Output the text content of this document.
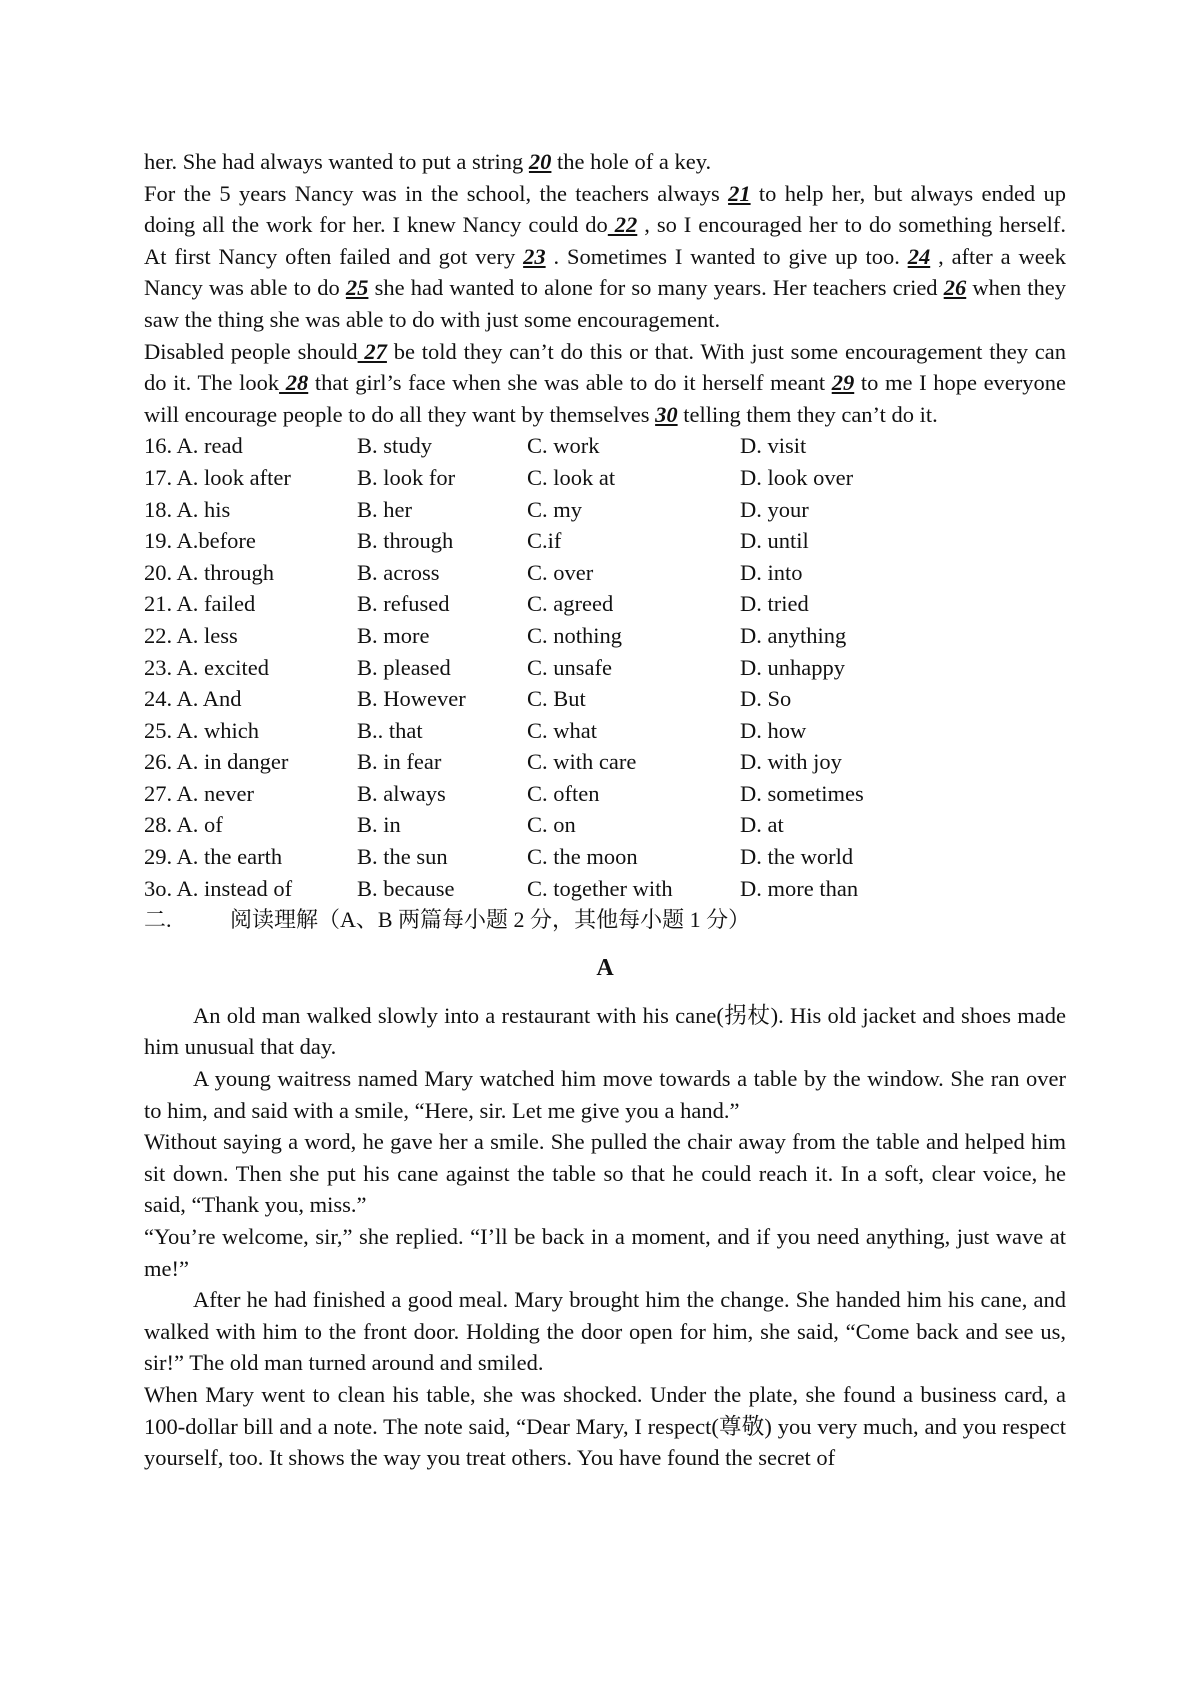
her. She had always wanted to put a string 20 the hole of a key.

For the 5 years Nancy was in the school, the teachers always 21 to help her, but always ended up doing all the work for her. I knew Nancy could do 22 , so I encouraged her to do something herself. At first Nancy often failed and got very 23 . Sometimes I wanted to give up too. 24 , after a week Nancy was able to do 25 she had wanted to alone for so many years. Her teachers cried 26 when they saw the thing she was able to do with just some encouragement.

Disabled people should 27 be told they can’t do this or that. With just some encouragement they can do it. The look 28 that girl’s face when she was able to do it herself meant 29 to me I hope everyone will encourage people to do all they want by themselves 30 telling them they can’t do it.

16. A. read	B. study	C. work	D. visit
17. A. look after	B. look for	C. look at	D. look over
18. A. his	B. her	C. my	D. your
19. A.before	B. through	C.if	D. until
20. A. through	B. across	C. over	D. into
21. A. failed	B. refused	C. agreed	D. tried
22. A. less	B. more	C. nothing	D. anything
23. A. excited	B. pleased	C. unsafe	D. unhappy
24. A. And	B. However	C. But	D. So
25. A. which	B.. that	C. what	D. how
26. A. in danger	B. in fear	C. with care	D. with joy
27. A. never	B. always	C. often	D. sometimes
28. A. of	B. in	C. on	D. at
29. A. the earth	B. the sun	C. the moon	D. the world
3o. A. instead of	B. because	C. together with	D. more than

二.	阅读理解（A、B 两篇每小题 2 分，其他每小题 1 分）

A

An old man walked slowly into a restaurant with his cane(拐杖). His old jacket and shoes made him unusual that day.

A young waitress named Mary watched him move towards a table by the window. She ran over to him, and said with a smile, “Here, sir. Let me give you a hand.”

Without saying a word, he gave her a smile. She pulled the chair away from the table and helped him sit down. Then she put his cane against the table so that he could reach it. In a soft, clear voice, he said, “Thank you, miss.”

“You’re welcome, sir,” she replied. “I’ll be back in a moment, and if you need anything, just wave at me!”

After he had finished a good meal. Mary brought him the change. She handed him his cane, and walked with him to the front door. Holding the door open for him, she said, “Come back and see us, sir!” The old man turned around and smiled.

When Mary went to clean his table, she was shocked. Under the plate, she found a business card, a 100-dollar bill and a note. The note said, “Dear Mary, I respect(尊敬) you very much, and you respect yourself, too. It shows the way you treat others. You have found the secret of
